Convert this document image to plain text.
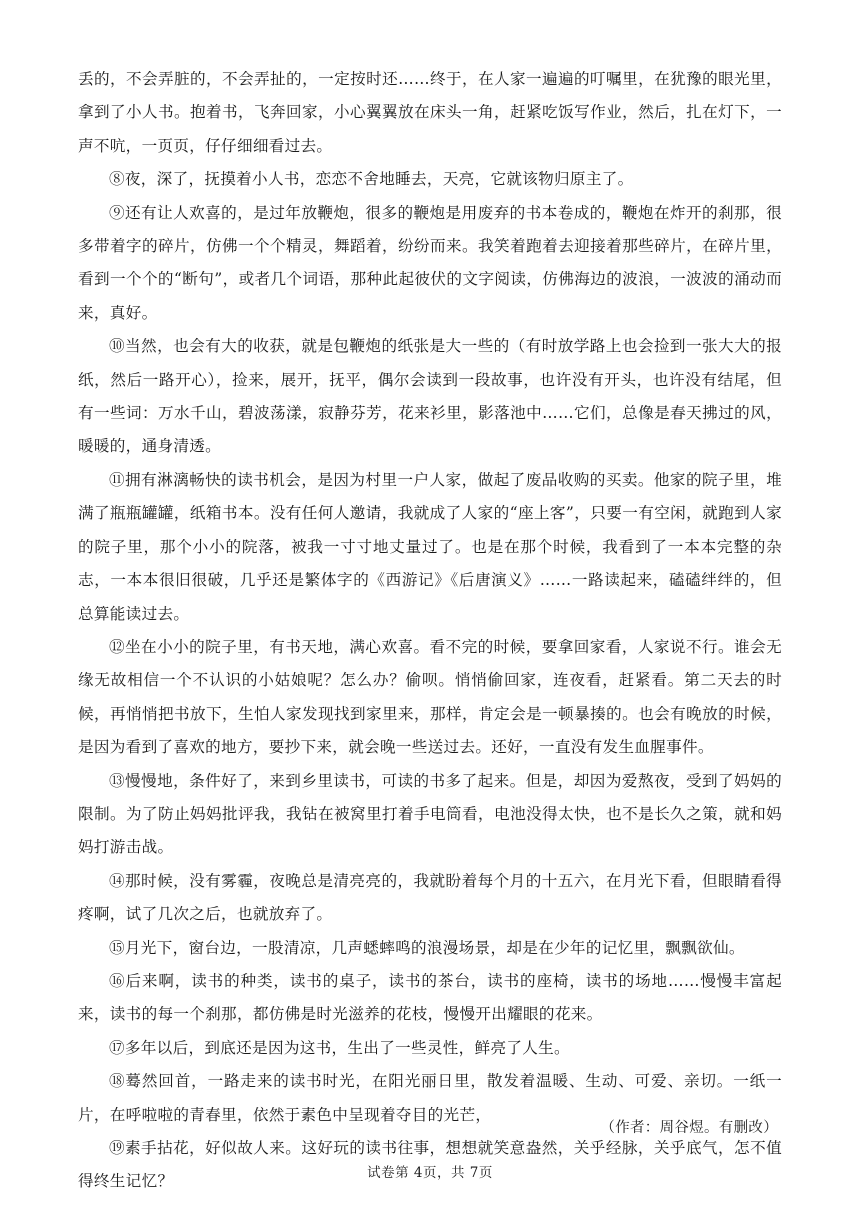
丢的，不会弄脏的，不会弄扯的，一定按时还……终于，在人家一遍遍的叮嘱里，在犹豫的眼光里，拿到了小人书。抱着书，飞奔回家，小心翼翼放在床头一角，赶紧吃饭写作业，然后，扎在灯下，一声不吭，一页页，仔仔细细看过去。

⑧夜，深了，抚摸着小人书，恋恋不舍地睡去，天亮，它就该物归原主了。

⑨还有让人欢喜的，是过年放鞭炮，很多的鞭炮是用废弃的书本卷成的，鞭炮在炸开的刹那，很多带着字的碎片，仿佛一个个精灵，舞蹈着，纷纷而来。我笑着跑着去迎接着那些碎片，在碎片里，看到一个个的“断句”，或者几个词语，那种此起彼伏的文字阅读，仿佛海边的波浪，一波波的涌动而来，真好。

⑩当然，也会有大的收获，就是包鞭炮的纸张是大一些的（有时放学路上也会捡到一张大大的报纸，然后一路开心），捡来，展开，抚平，偶尔会读到一段故事，也许没有开头，也许没有结尾，但有一些词：万水千山，碧波荡漾，寂静芬芳，花来衫里，影落池中……它们，总像是春天拂过的风，暖暖的，通身清透。

⑪拥有淋漓畅快的读书机会，是因为村里一户人家，做起了废品收购的买卖。他家的院子里，堆满了瓶瓶罐罐，纸箱书本。没有任何人邀请，我就成了人家的“座上客”，只要一有空闲，就跑到人家的院子里，那个小小的院落，被我一寸寸地丈量过了。也是在那个时候，我看到了一本本完整的杂志，一本本很旧很破，几乎还是繁体字的《西游记》《后唐演义》……一路读起来，磕磕绊绊的，但总算能读过去。

⑫坐在小小的院子里，有书天地，满心欢喜。看不完的时候，要拿回家看，人家说不行。谁会无缘无故相信一个不认识的小姑娘呢？怎么办？偷呗。悄悄偷回家，连夜看，赶紧看。第二天去的时候，再悄悄把书放下，生怕人家发现找到家里来，那样，肯定会是一顿暴揍的。也会有晚放的时候，是因为看到了喜欢的地方，要抄下来，就会晚一些送过去。还好，一直没有发生血腥事件。

⑬慢慢地，条件好了，来到乡里读书，可读的书多了起来。但是，却因为爱熬夜，受到了妈妈的限制。为了防止妈妈批评我，我钻在被窝里打着手电筒看，电池没得太快，也不是长久之策，就和妈妈打游击战。

⑭那时候，没有雾霾，夜晚总是清亮亮的，我就盼着每个月的十五六，在月光下看，但眼睛看得疼啊，试了几次之后，也就放弃了。

⑮月光下，窗台边，一股清凉，几声蟋蟀鸣的浪漫场景，却是在少年的记忆里，飘飘欲仙。

⑯后来啊，读书的种类，读书的桌子，读书的茶台，读书的座椅，读书的场地……慢慢丰富起来，读书的每一个刹那，都仿佛是时光滋养的花枝，慢慢开出耀眼的花来。

⑰多年以后，到底还是因为这书，生出了一些灵性，鲜亮了人生。

⑱蓦然回首，一路走来的读书时光，在阳光丽日里，散发着温暖、生动、可爱、亲切。一纸一片，在呼啦啦的青春里，依然于素色中呈现着夺目的光芒，

⑲素手拈花，好似故人来。这好玩的读书往事，想想就笑意盎然，关乎经脉，关乎底气，怎不值得终生记忆？

（作者：周谷煜。有删改）
试卷第 4页，共 7页
